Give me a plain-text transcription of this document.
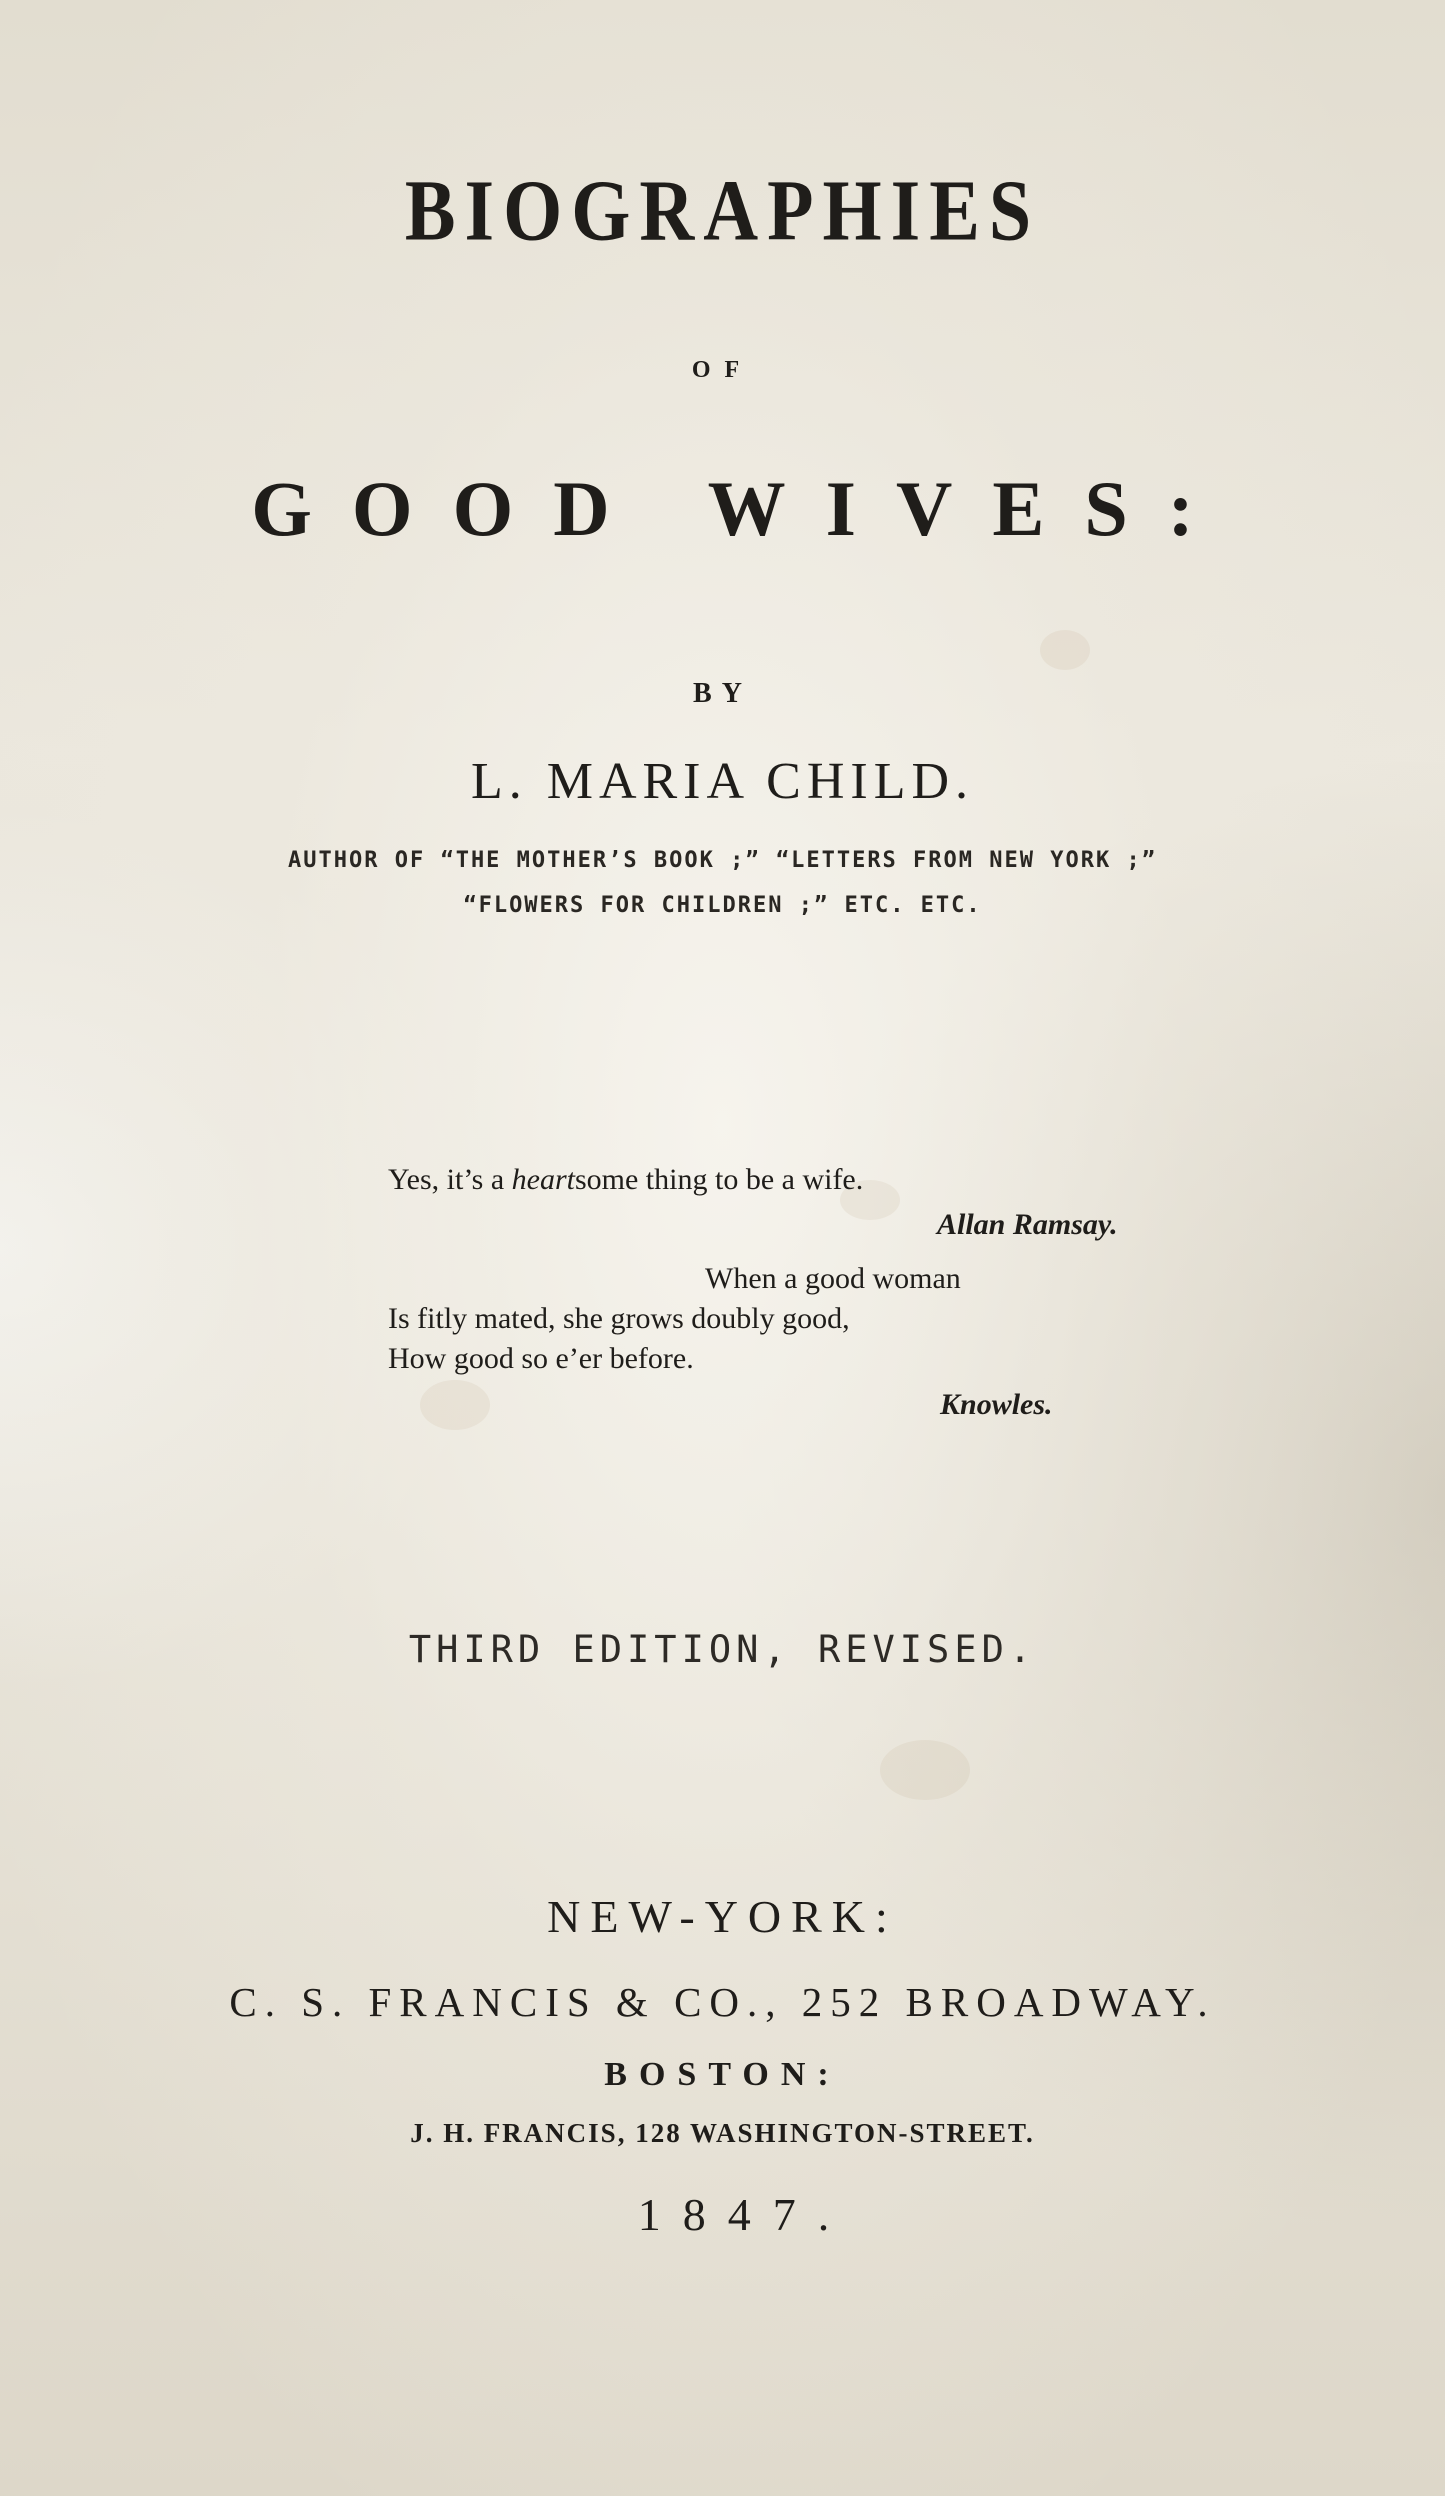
BIOGRAPHIES
OF
GOOD WIVES:
BY
L. MARIA CHILD.
AUTHOR OF “THE MOTHER’S BOOK ;” “LETTERS FROM NEW YORK ;”
“FLOWERS FOR CHILDREN ;” ETC. ETC.
Yes, it’s a heartsome thing to be a wife.
Allan Ramsay.
When a good woman
Is fitly mated, she grows doubly good,
How good so e’er before.
Knowles.
THIRD EDITION, REVISED.
NEW-YORK:
C. S. FRANCIS & CO., 252 BROADWAY.
BOSTON:
J. H. FRANCIS, 128 WASHINGTON-STREET.
1847.
